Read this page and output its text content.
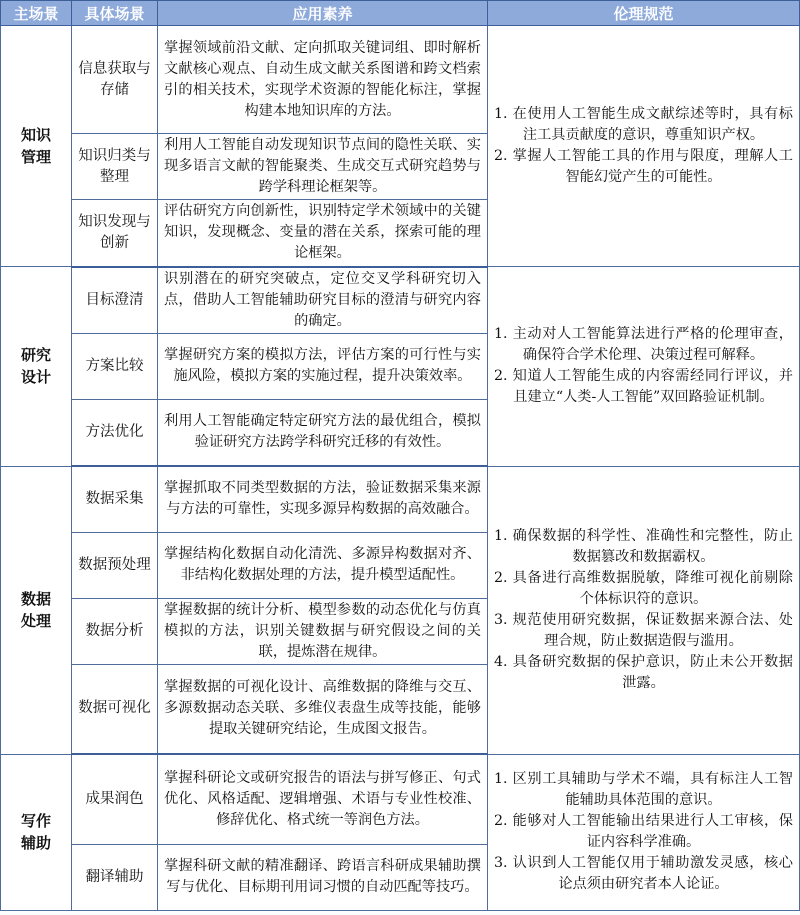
主场景	具体场景	应用素养	伦理规范
知识管理	信息获取与存储	掌握领域前沿文献、定向抓取关键词组、即时解析文献核心观点、自动生成文献关系图谱和跨文档索引的相关技术，实现学术资源的智能化标注，掌握构建本地知识库的方法。	1. 在使用人工智能生成文献综述等时，具有标注工具贡献度的意识，尊重知识产权。
2. 掌握人工智能工具的作用与限度，理解人工智能幻觉产生的可能性。

	知识归类与整理	利用人工智能自动发现知识节点间的隐性关联、实现多语言文献的智能聚类、生成交互式研究趋势与跨学科理论框架等。	
	知识发现与创新	评估研究方向创新性，识别特定学术领域中的关键知识，发现概念、变量的潜在关系，探索可能的理论框架。	
研究设计	目标澄清	识别潜在的研究突破点，定位交叉学科研究切入点，借助人工智能辅助研究目标的澄清与研究内容的确定。	1. 主动对人工智能算法进行严格的伦理审查，确保符合学术伦理、决策过程可解释。
2. 知道人工智能生成的内容需经同行评议，并且建立“人类-人工智能”双回路验证机制。

	方案比较	掌握研究方案的模拟方法，评估方案的可行性与实施风险，模拟方案的实施过程，提升决策效率。	
	方法优化	利用人工智能确定特定研究方法的最优组合，模拟验证研究方法跨学科研究迁移的有效性。	
数据处理	数据采集	掌握抓取不同类型数据的方法，验证数据采集来源与方法的可靠性，实现多源异构数据的高效融合。	1. 确保数据的科学性、准确性和完整性，防止数据篡改和数据霸权。
2. 具备进行高维数据脱敏，降维可视化前剔除个体标识符的意识。
3. 规范使用研究数据，保证数据来源合法、处理合规，防止数据造假与滥用。
4. 具备研究数据的保护意识，防止未公开数据泄露。

	数据预处理	掌握结构化数据自动化清洗、多源异构数据对齐、非结构化数据处理的方法，提升模型适配性。	
	数据分析	掌握数据的统计分析、模型参数的动态优化与仿真模拟的方法，识别关键数据与研究假设之间的关联，提炼潜在规律。	
	数据可视化	掌握数据的可视化设计、高维数据的降维与交互、多源数据动态关联、多维仪表盘生成等技能，能够提取关键研究结论，生成图文报告。	
写作辅助	成果润色	掌握科研论文或研究报告的语法与拼写修正、句式优化、风格适配、逻辑增强、术语与专业性校准、修辞优化、格式统一等润色方法。	1. 区别工具辅助与学术不端，具有标注人工智能辅助具体范围的意识。
2. 能够对人工智能输出结果进行人工审核，保证内容科学准确。
3. 认识到人工智能仅用于辅助激发灵感，核心论点须由研究者本人论证。

	翻译辅助	掌握科研文献的精准翻译、跨语言科研成果辅助撰写与优化、目标期刊用词习惯的自动匹配等技巧。	
